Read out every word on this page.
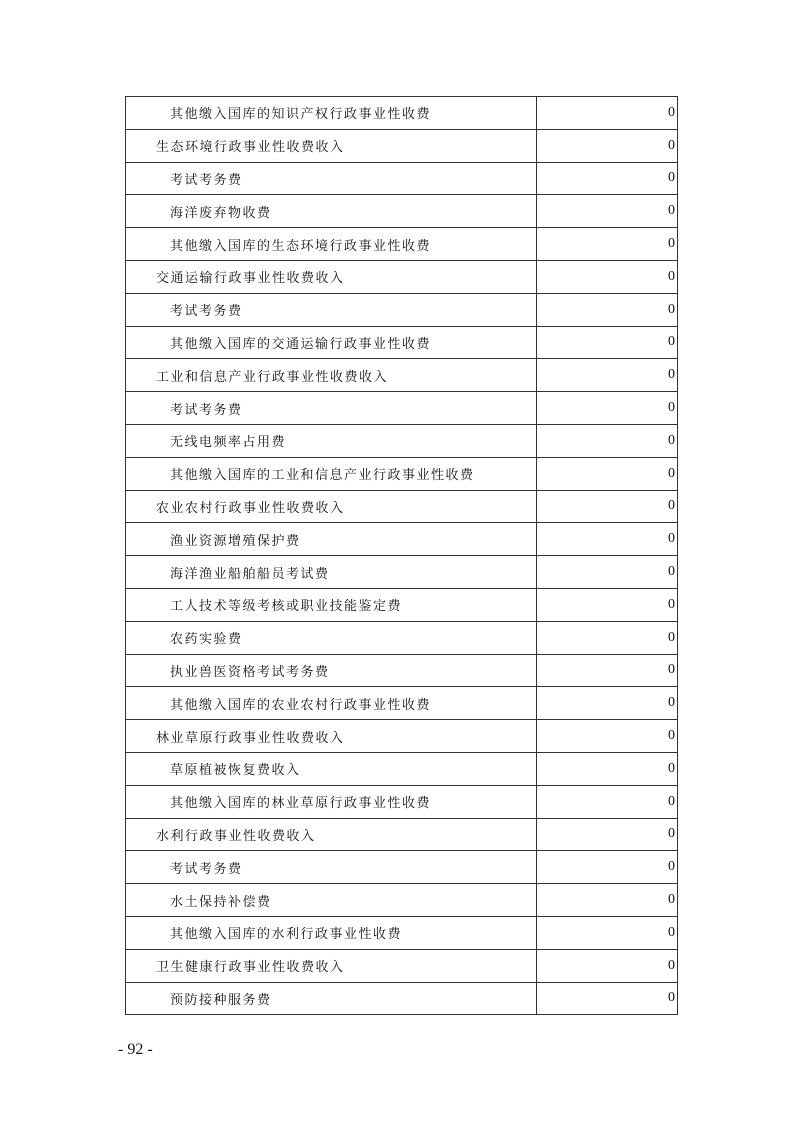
其他缴入国库的知识产权行政事业性收费	0
生态环境行政事业性收费收入	0
考试考务费	0
海洋废弃物收费	0
其他缴入国库的生态环境行政事业性收费	0
交通运输行政事业性收费收入	0
考试考务费	0
其他缴入国库的交通运输行政事业性收费	0
工业和信息产业行政事业性收费收入	0
考试考务费	0
无线电频率占用费	0
其他缴入国库的工业和信息产业行政事业性收费	0
农业农村行政事业性收费收入	0
渔业资源增殖保护费	0
海洋渔业船舶船员考试费	0
工人技术等级考核或职业技能鉴定费	0
农药实验费	0
执业兽医资格考试考务费	0
其他缴入国库的农业农村行政事业性收费	0
林业草原行政事业性收费收入	0
草原植被恢复费收入	0
其他缴入国库的林业草原行政事业性收费	0
水利行政事业性收费收入	0
考试考务费	0
水土保持补偿费	0
其他缴入国库的水利行政事业性收费	0
卫生健康行政事业性收费收入	0
预防接种服务费	0
- 92 -
